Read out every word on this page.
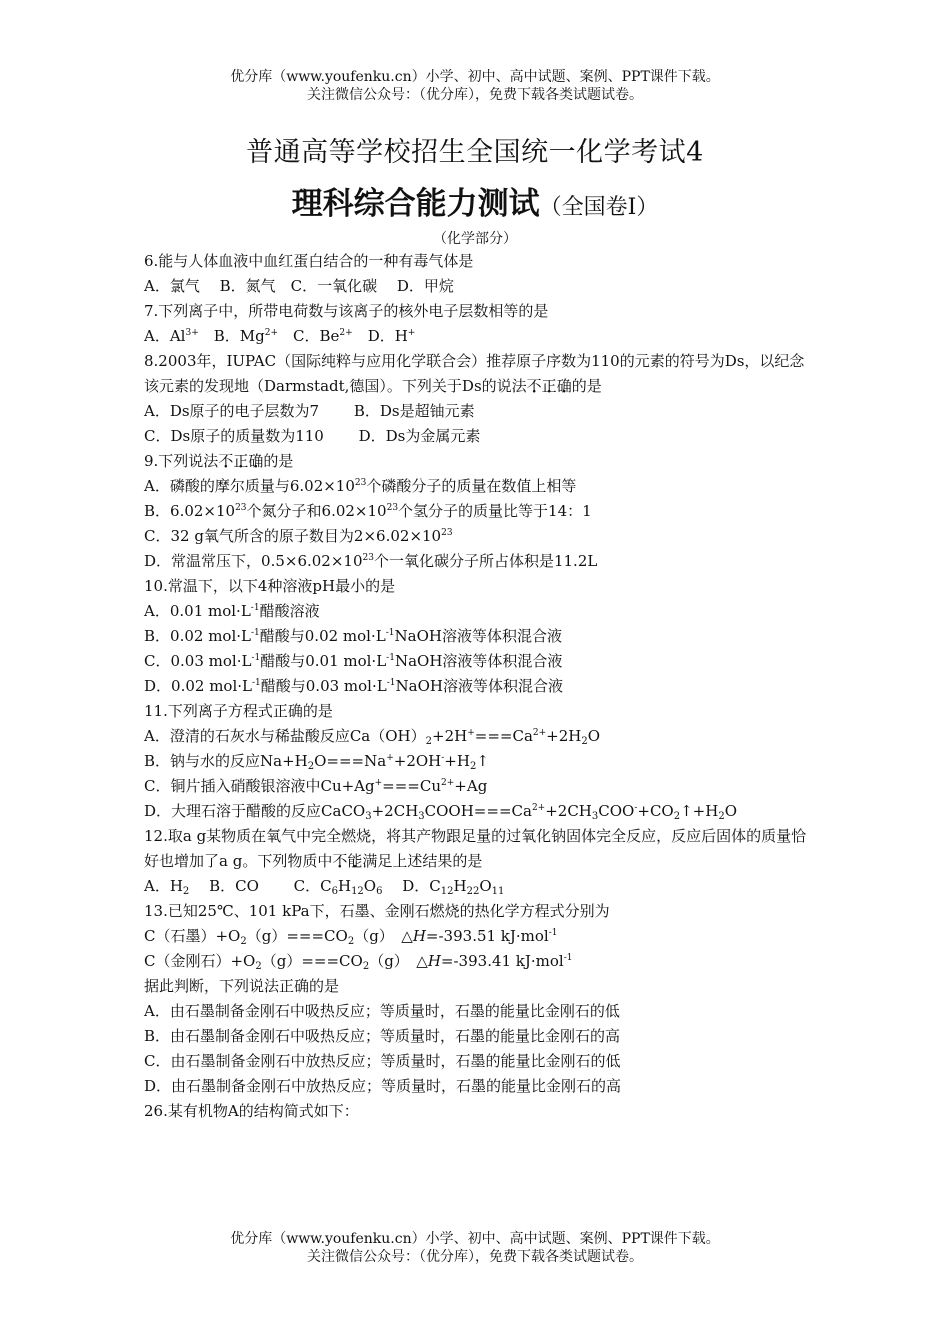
优分库（www.youfenku.cn）小学、初中、高中试题、案例、PPT课件下载。
关注微信公众号：（优分库），免费下载各类试题试卷。
普通高等学校招生全国统一化学考试4
理科综合能力测试（全国卷Ⅰ）
（化学部分）
6.能与人体血液中血红蛋白结合的一种有毒气体是
A．氯气　 B．氮气　C．一氧化碳　 D．甲烷
7.下列离子中，所带电荷数与该离子的核外电子层数相等的是
A．$Al^{3+}$　B．$Mg^{2+}$　C．$Be^{2+}$　D．H+
8.2003年，IUPAC（国际纯粹与应用化学联合会）推荐原子序数为110的元素的符号为Ds，以纪念该元素的发现地（Darmstadt,德国）。下列关于Ds的说法不正确的是
A．Ds原子的电子层数为7　　 B．Ds是超铀元素
C．Ds原子的质量数为110　　 D．Ds为金属元素
9.下列说法不正确的是
A．磷酸的摩尔质量与$6.02\times 10^{23}$个磷酸分子的质量在数值上相等
B．$6.02\times 10^{23}$个氮分子和$6.02\times 10^{23}$个氢分子的质量比等于14：1
C．32 g氧气所含的原子数目为$2\times 6.02\times 10^{23}$
D．常温常压下，$0.5\times 6.02\times 10^{23}$个一氧化碳分子所占体积是11.2L
10.常温下，以下4种溶液pH最小的是
A．0.01 $mol\cdot L^{-1}$醋酸溶液
B．0.02 $mol\cdot L^{-1}$醋酸与0.02 $mol\cdot L^{-1}NaOH$溶液等体积混合液
C．0.03 $mol\cdot L^{-1}$醋酸与0.01 $mol\cdot L^{-1}NaOH$溶液等体积混合液
D．0.02 $mol\cdot L^{-1}$醋酸与0.03 $mol\cdot L^{-1}NaOH$溶液等体积混合液
11.下列离子方程式正确的是
A．澄清的石灰水与稀盐酸反应$Ca(OH)_2+2H^+===Ca^{2+}+2H_2O$
B．钠与水的反应$Na+H_2O===Na^++2OH^-+H_2↑$
C．铜片插入硝酸银溶液中$Cu+Ag^+===Cu^{2+}+Ag$
D．大理石溶于醋酸的反应$CaCO_3+2CH_3COOH===Ca^{2+}+2CH_3COO^-+CO_2↑+H_2O$
12.取a g某物质在氧气中完全燃烧，将其产物跟足量的过氧化钠固体完全反应，反应后固体的质量恰好也增加了a g。下列物质中不能满足上述结果的是
A．$H_2$　 B．CO　 　C．$C_6H_{12}O_6$　 D．$C_{12}H_{22}O_{11}$
13.已知25℃、101 kPa下，石墨、金刚石燃烧的热化学方程式分别为
C（石墨）$+O_2(g)===CO_2(g)$　△H=-393.51 kJ·mol$^{-1}$
C（金刚石）$+O_2(g)===CO_2(g)$　△H=-393.41 kJ·mol$^{-1}$
据此判断，下列说法正确的是
A．由石墨制备金刚石中吸热反应；等质量时，石墨的能量比金刚石的低
B．由石墨制备金刚石中吸热反应；等质量时，石墨的能量比金刚石的高
C．由石墨制备金刚石中放热反应；等质量时，石墨的能量比金刚石的低
D．由石墨制备金刚石中放热反应；等质量时，石墨的能量比金刚石的高
26.某有机物A的结构简式如下：
优分库（www.youfenku.cn）小学、初中、高中试题、案例、PPT课件下载。
关注微信公众号：（优分库），免费下载各类试题试卷。
